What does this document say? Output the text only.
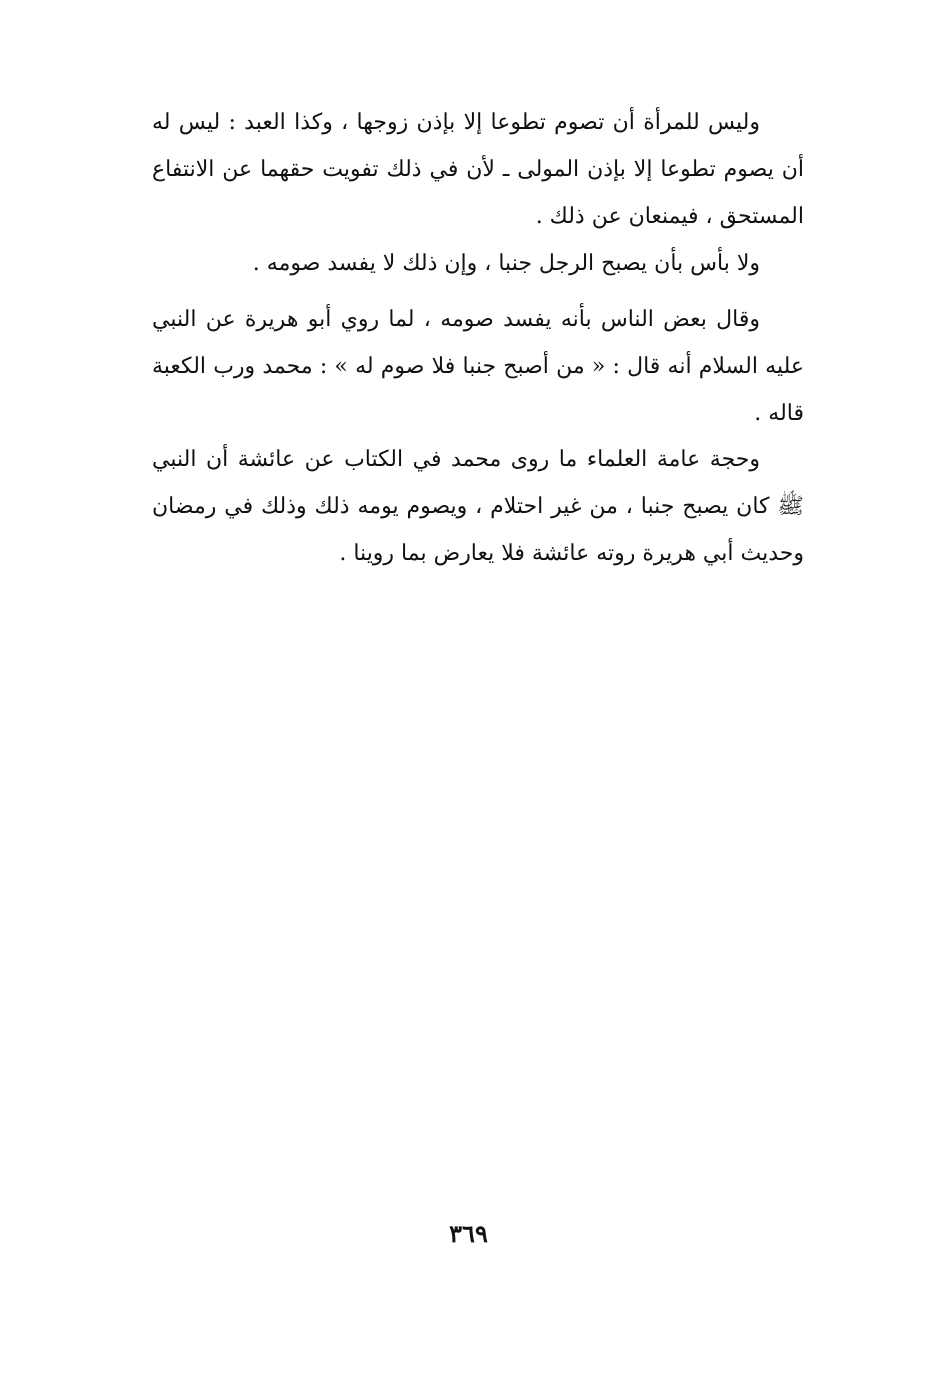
وليس للمرأة أن تصوم تطوعا إلا بإذن زوجها ، وكذا العبد : ليس له أن يصوم تطوعا إلا بإذن المولى ـ لأن في ذلك تفويت حقهما عن الانتفاع المستحق ، فيمنعان عن ذلك .

ولا بأس بأن يصبح الرجل جنبا ، وإن ذلك لا يفسد صومه .

وقال بعض الناس بأنه يفسد صومه ، لما روي أبو هريرة عن النبي عليه السلام أنه قال : « من أصبح جنبا فلا صوم له » : محمد ورب الكعبة قاله .

وحجة عامة العلماء ما روى محمد في الكتاب عن عائشة أن النبي ﷺ كان يصبح جنبا ، من غير احتلام ، ويصوم يومه ذلك وذلك في رمضان وحديث أبي هريرة روته عائشة فلا يعارض بما روينا .

٣٦٩
